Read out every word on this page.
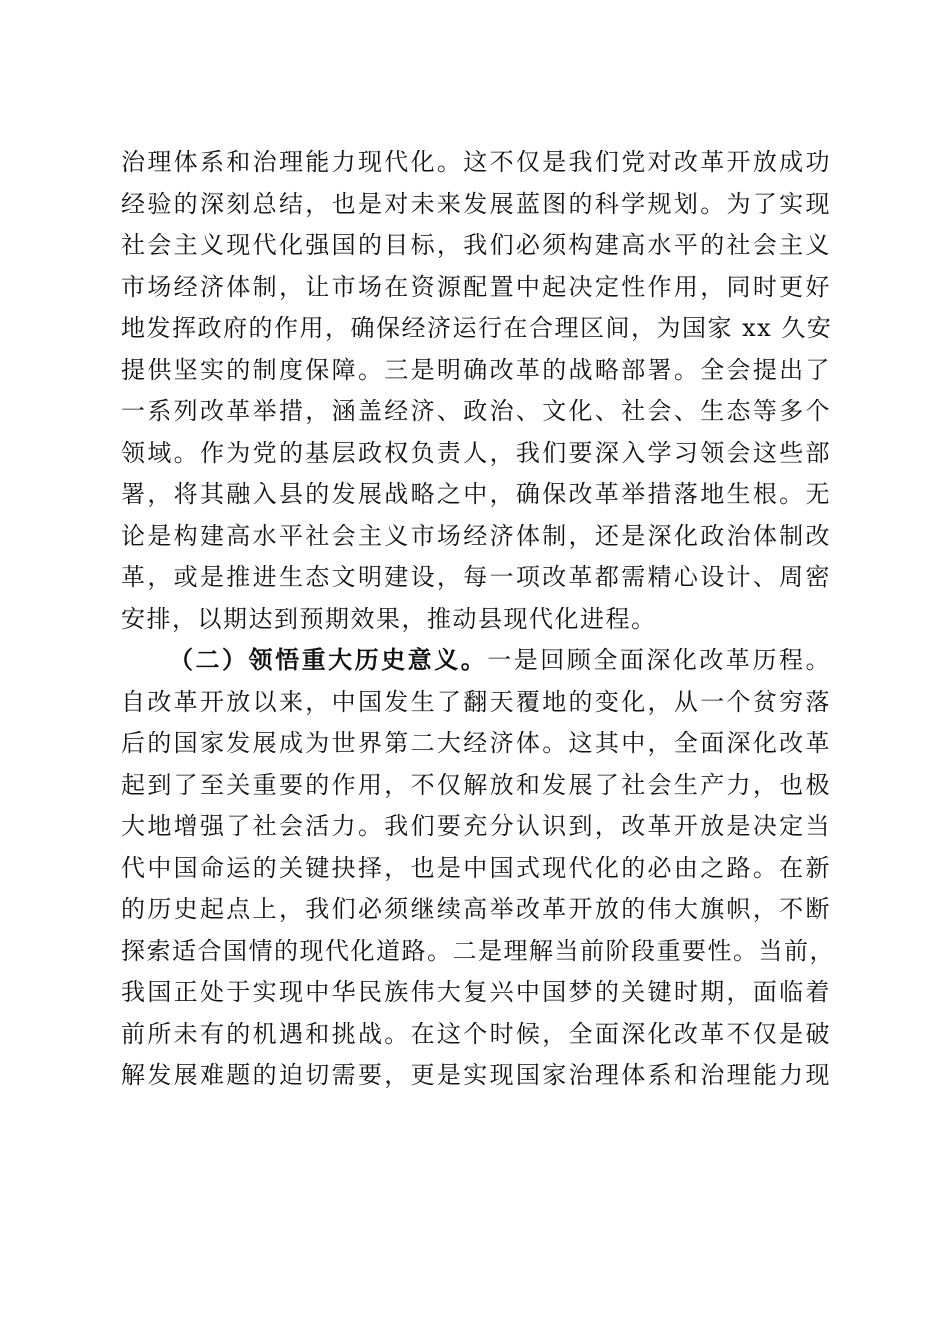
治理体系和治理能力现代化。这不仅是我们党对改革开放成功
经验的深刻总结，也是对未来发展蓝图的科学规划。为了实现
社会主义现代化强国的目标，我们必须构建高水平的社会主义
市场经济体制，让市场在资源配置中起决定性作用，同时更好
地发挥政府的作用，确保经济运行在合理区间，为国家 xx 久安
提供坚实的制度保障。三是明确改革的战略部署。全会提出了
一系列改革举措，涵盖经济、政治、文化、社会、生态等多个
领域。作为党的基层政权负责人，我们要深入学习领会这些部
署，将其融入县的发展战略之中，确保改革举措落地生根。无
论是构建高水平社会主义市场经济体制，还是深化政治体制改
革，或是推进生态文明建设，每一项改革都需精心设计、周密
安排，以期达到预期效果，推动县现代化进程。
（二）领悟重大历史意义。一是回顾全面深化改革历程。
自改革开放以来，中国发生了翻天覆地的变化，从一个贫穷落
后的国家发展成为世界第二大经济体。这其中，全面深化改革
起到了至关重要的作用，不仅解放和发展了社会生产力，也极
大地增强了社会活力。我们要充分认识到，改革开放是决定当
代中国命运的关键抉择，也是中国式现代化的必由之路。在新
的历史起点上，我们必须继续高举改革开放的伟大旗帜，不断
探索适合国情的现代化道路。二是理解当前阶段重要性。当前，
我国正处于实现中华民族伟大复兴中国梦的关键时期，面临着
前所未有的机遇和挑战。在这个时候，全面深化改革不仅是破
解发展难题的迫切需要，更是实现国家治理体系和治理能力现
